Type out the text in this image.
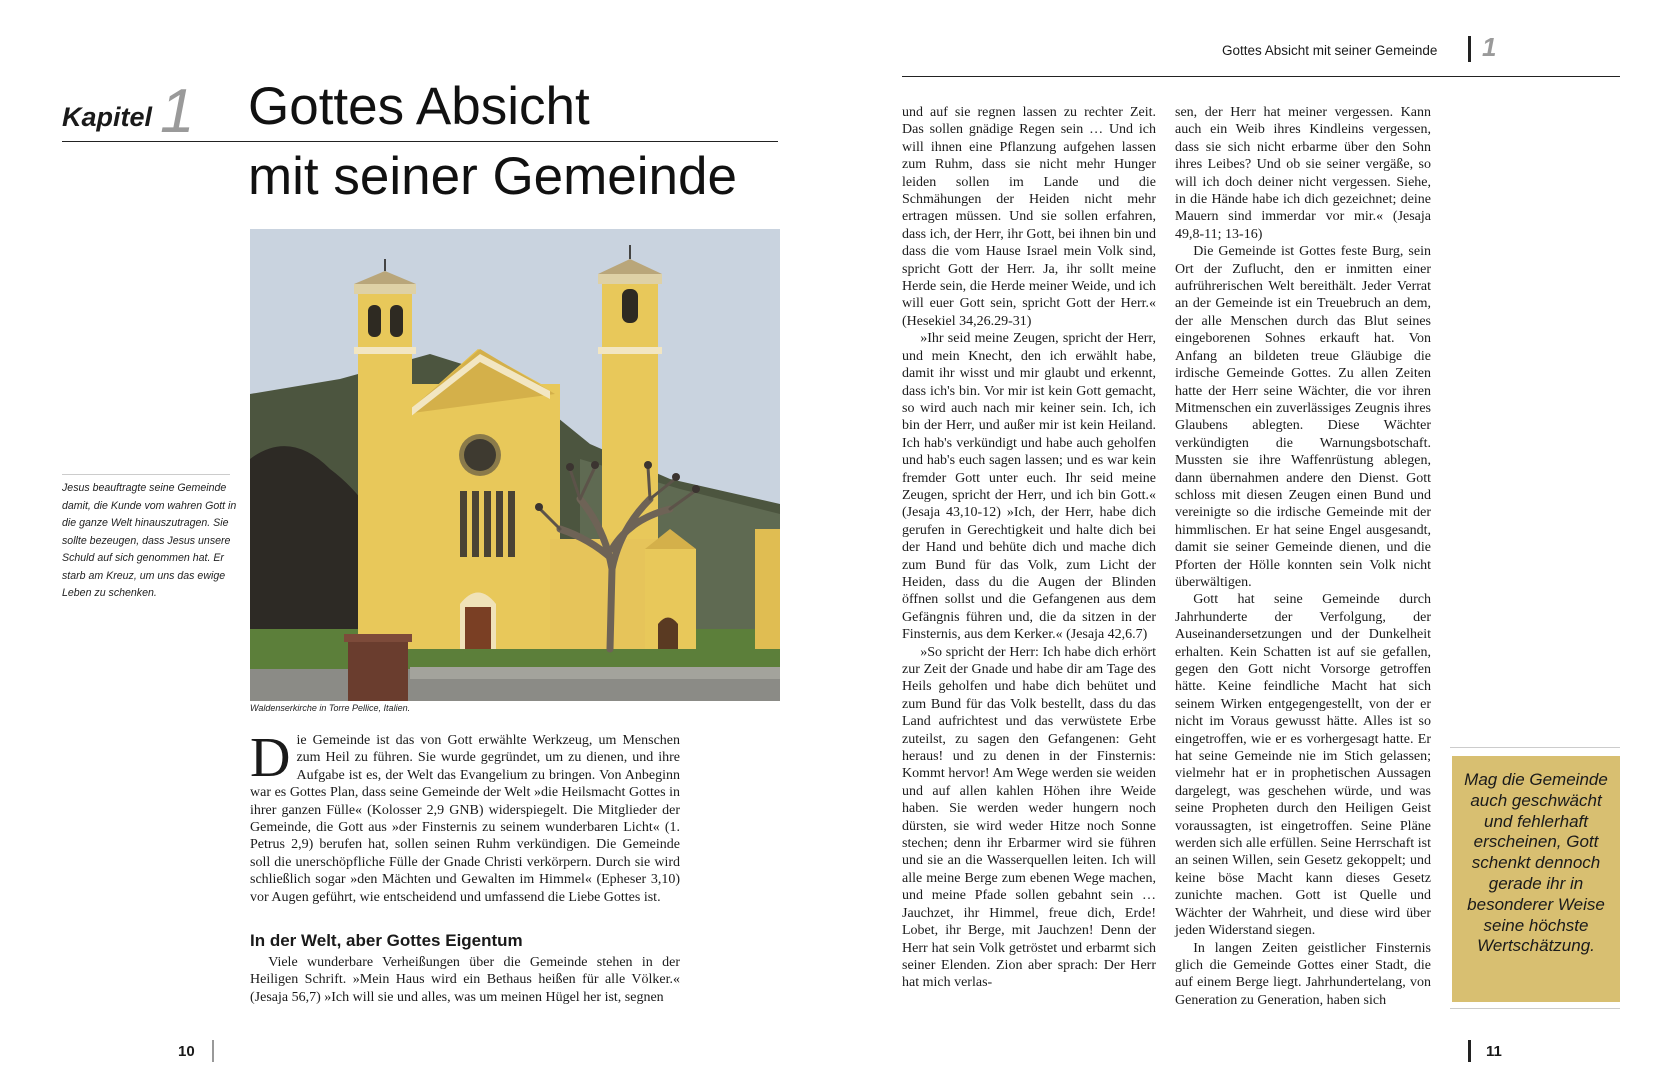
Kapitel 1 Gottes Absicht
mit seiner Gemeinde
Waldenserkirche in Torre Pellice, Italien.
Jesus beauftragte seine Gemeinde damit, die Kunde vom wahren Gott in die ganze Welt hinauszutragen. Sie sollte bezeugen, dass Jesus unsere Schuld auf sich genommen hat. Er starb am Kreuz, um uns das ewige Leben zu schenken.
Die Gemeinde ist das von Gott erwählte Werkzeug, um Menschen zum Heil zu führen. Sie wurde gegründet, um zu dienen, und ihre Aufgabe ist es, der Welt das Evangelium zu bringen. Von Anbeginn war es Gottes Plan, dass seine Gemeinde der Welt »die Heilsmacht Gottes in ihrer ganzen Fülle« (Kolosser 2,9 GNB) widerspiegelt. Die Mitglieder der Gemeinde, die Gott aus »der Finsternis zu seinem wunderbaren Licht« (1. Petrus 2,9) berufen hat, sollen seinen Ruhm verkündigen. Die Gemeinde soll die unerschöpfliche Fülle der Gnade Christi verkörpern. Durch sie wird schließlich sogar »den Mächten und Gewalten im Himmel« (Epheser 3,10) vor Augen geführt, wie entscheidend und umfassend die Liebe Gottes ist.
In der Welt, aber Gottes Eigentum

Viele wunderbare Verheißungen über die Gemeinde stehen in der Heiligen Schrift. »Mein Haus wird ein Bethaus heißen für alle Völker.« (Jesaja 56,7) »Ich will sie und alles, was um meinen Hügel her ist, segnen

10
Gottes Absicht mit seiner Gemeinde 1

und auf sie regnen lassen zu rechter Zeit. Das sollen gnädige Regen sein … Und ich will ihnen eine Pflanzung aufgehen lassen zum Ruhm, dass sie nicht mehr Hunger leiden sollen im Lande und die Schmähungen der Heiden nicht mehr ertragen müssen. Und sie sollen erfahren, dass ich, der Herr, ihr Gott, bei ihnen bin und dass die vom Hause Israel mein Volk sind, spricht Gott der Herr. Ja, ihr sollt meine Herde sein, die Herde meiner Weide, und ich will euer Gott sein, spricht Gott der Herr.« (Hesekiel 34,26.29-31)

»Ihr seid meine Zeugen, spricht der Herr, und mein Knecht, den ich erwählt habe, damit ihr wisst und mir glaubt und erkennt, dass ich's bin. Vor mir ist kein Gott gemacht, so wird auch nach mir keiner sein. Ich, ich bin der Herr, und außer mir ist kein Heiland. Ich hab's verkündigt und habe auch geholfen und hab's euch sagen lassen; und es war kein fremder Gott unter euch. Ihr seid meine Zeugen, spricht der Herr, und ich bin Gott.« (Jesaja 43,10-12) »Ich, der Herr, habe dich gerufen in Gerechtigkeit und halte dich bei der Hand und behüte dich und mache dich zum Bund für das Volk, zum Licht der Heiden, dass du die Augen der Blinden öffnen sollst und die Gefangenen aus dem Gefängnis führen und, die da sitzen in der Finsternis, aus dem Kerker.« (Jesaja 42,6.7)

»So spricht der Herr: Ich habe dich erhört zur Zeit der Gnade und habe dir am Tage des Heils geholfen und habe dich behütet und zum Bund für das Volk bestellt, dass du das Land aufrichtest und das verwüstete Erbe zuteilst, zu sagen den Gefangenen: Geht heraus! und zu denen in der Finsternis: Kommt hervor! Am Wege werden sie weiden und auf allen kahlen Höhen ihre Weide haben. Sie werden weder hungern noch dürsten, sie wird weder Hitze noch Sonne stechen; denn ihr Erbarmer wird sie führen und sie an die Wasserquellen leiten. Ich will alle meine Berge zum ebenen Wege machen, und meine Pfade sollen gebahnt sein … Jauchzet, ihr Himmel, freue dich, Erde! Lobet, ihr Berge, mit Jauchzen! Denn der Herr hat sein Volk getröstet und erbarmt sich seiner Elenden. Zion aber sprach: Der Herr hat mich verlas-

sen, der Herr hat meiner vergessen. Kann auch ein Weib ihres Kindleins vergessen, dass sie sich nicht erbarme über den Sohn ihres Leibes? Und ob sie seiner vergäße, so will ich doch deiner nicht vergessen. Siehe, in die Hände habe ich dich gezeichnet; deine Mauern sind immerdar vor mir.« (Jesaja 49,8-11; 13-16)

Die Gemeinde ist Gottes feste Burg, sein Ort der Zuflucht, den er inmitten einer aufrührerischen Welt bereithält. Jeder Verrat an der Gemeinde ist ein Treuebruch an dem, der alle Menschen durch das Blut seines eingeborenen Sohnes erkauft hat. Von Anfang an bildeten treue Gläubige die irdische Gemeinde Gottes. Zu allen Zeiten hatte der Herr seine Wächter, die vor ihren Mitmenschen ein zuverlässiges Zeugnis ihres Glaubens ablegten. Diese Wächter verkündigten die Warnungsbotschaft. Mussten sie ihre Waffenrüstung ablegen, dann übernahmen andere den Dienst. Gott schloss mit diesen Zeugen einen Bund und vereinigte so die irdische Gemeinde mit der himmlischen. Er hat seine Engel ausgesandt, damit sie seiner Gemeinde dienen, und die Pforten der Hölle konnten sein Volk nicht überwältigen.

Gott hat seine Gemeinde durch Jahrhunderte der Verfolgung, der Auseinandersetzungen und der Dunkelheit erhalten. Kein Schatten ist auf sie gefallen, gegen den Gott nicht Vorsorge getroffen hätte. Keine feindliche Macht hat sich seinem Wirken entgegengestellt, von der er nicht im Voraus gewusst hätte. Alles ist so eingetroffen, wie er es vorhergesagt hatte. Er hat seine Gemeinde nie im Stich gelassen; vielmehr hat er in prophetischen Aussagen dargelegt, was geschehen würde, und was seine Propheten durch den Heiligen Geist voraussagten, ist eingetroffen. Seine Pläne werden sich alle erfüllen. Seine Herrschaft ist an seinen Willen, sein Gesetz gekoppelt; und keine böse Macht kann dieses Gesetz zunichte machen. Gott ist Quelle und Wächter der Wahrheit, und diese wird über jeden Widerstand siegen.

In langen Zeiten geistlicher Finsternis glich die Gemeinde Gottes einer Stadt, die auf einem Berge liegt. Jahrhundertelang, von Generation zu Generation, haben sich

Mag die Gemeinde auch geschwächt und fehlerhaft erscheinen, Gott schenkt dennoch gerade ihr in besonderer Weise seine höchste Wertschätzung.
11
